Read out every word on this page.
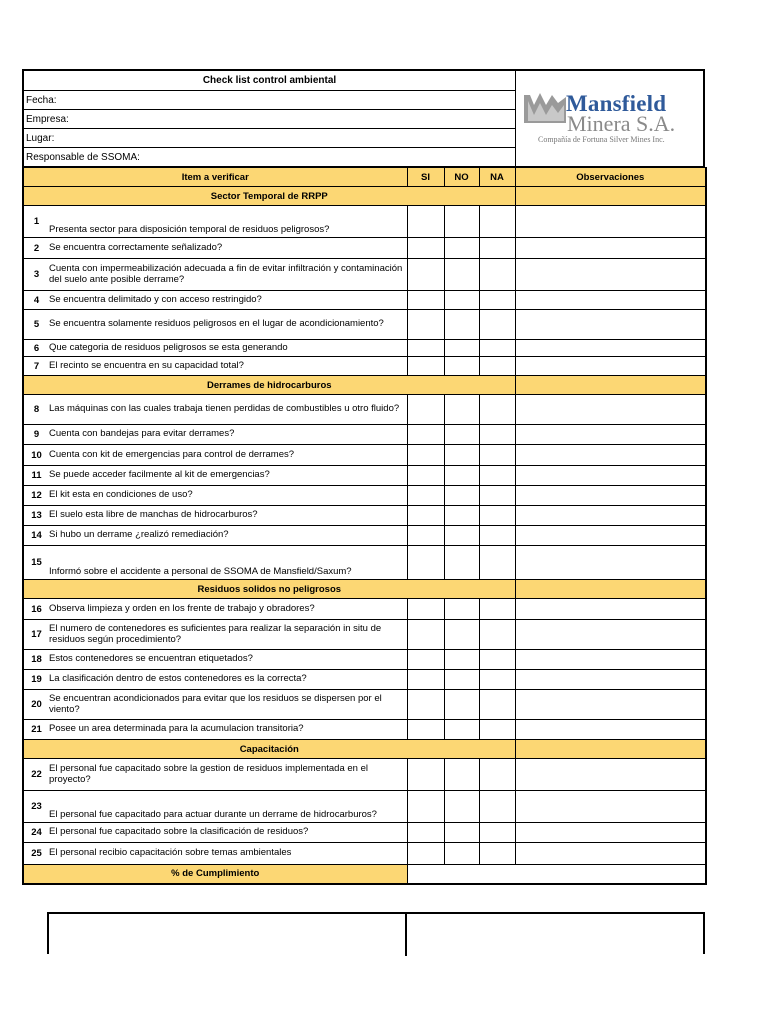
Check list control ambiental
Fecha:
Empresa:
Lugar:
Responsable de SSOMA:
Mansfield
Minera S.A.
Compañía de Fortuna Silver Mines Inc.
Item a verificar		SI	NO	NA	Observaciones
Sector Temporal de RRPP					
1	Presenta sector para disposición temporal de residuos peligrosos?				
2	Se encuentra correctamente señalizado?				
3	Cuenta con impermeabilización adecuada a fin de evitar infiltración y contaminación del suelo ante posible derrame?				
4	Se encuentra delimitado y con acceso restringido?				
5	Se encuentra solamente residuos peligrosos en el lugar de acondicionamiento?				
6	Que categoria de residuos peligrosos se esta generando				
7	El recinto se encuentra en su capacidad total?				
Derrames de hidrocarburos					
8	Las máquinas con las cuales trabaja tienen perdidas de combustibles u otro fluido?				
9	Cuenta con bandejas para evitar derrames?				
10	Cuenta con kit de emergencias para control de derrames?				
11	Se puede acceder facilmente al kit de emergencias?				
12	El kit esta en condiciones de uso?				
13	El suelo esta libre de manchas de hidrocarburos?				
14	Si hubo un derrame ¿realizó remediación?				
15	Informó sobre el accidente a personal de SSOMA de Mansfield/Saxum?				
Residuos solidos no peligrosos					
16	Observa limpieza y orden en los frente de trabajo y obradores?				
17	El numero de contenedores es suficientes para realizar la separación in situ de residuos según procedimiento?				
18	Estos contenedores se encuentran etiquetados?				
19	La clasificación dentro de estos contenedores es la correcta?				
20	Se encuentran acondicionados para evitar que los residuos se dispersen por el viento?				
21	Posee un area determinada para la acumulacion transitoria?				
Capacitación					
22	El personal fue capacitado sobre la gestion de residuos implementada en el proyecto?				
23	El personal fue capacitado para actuar durante un derrame de hidrocarburos?				
24	El personal fue capacitado sobre la clasificación de residuos?				
25	El personal recibio capacitación sobre temas ambientales				
% de Cumplimiento					
